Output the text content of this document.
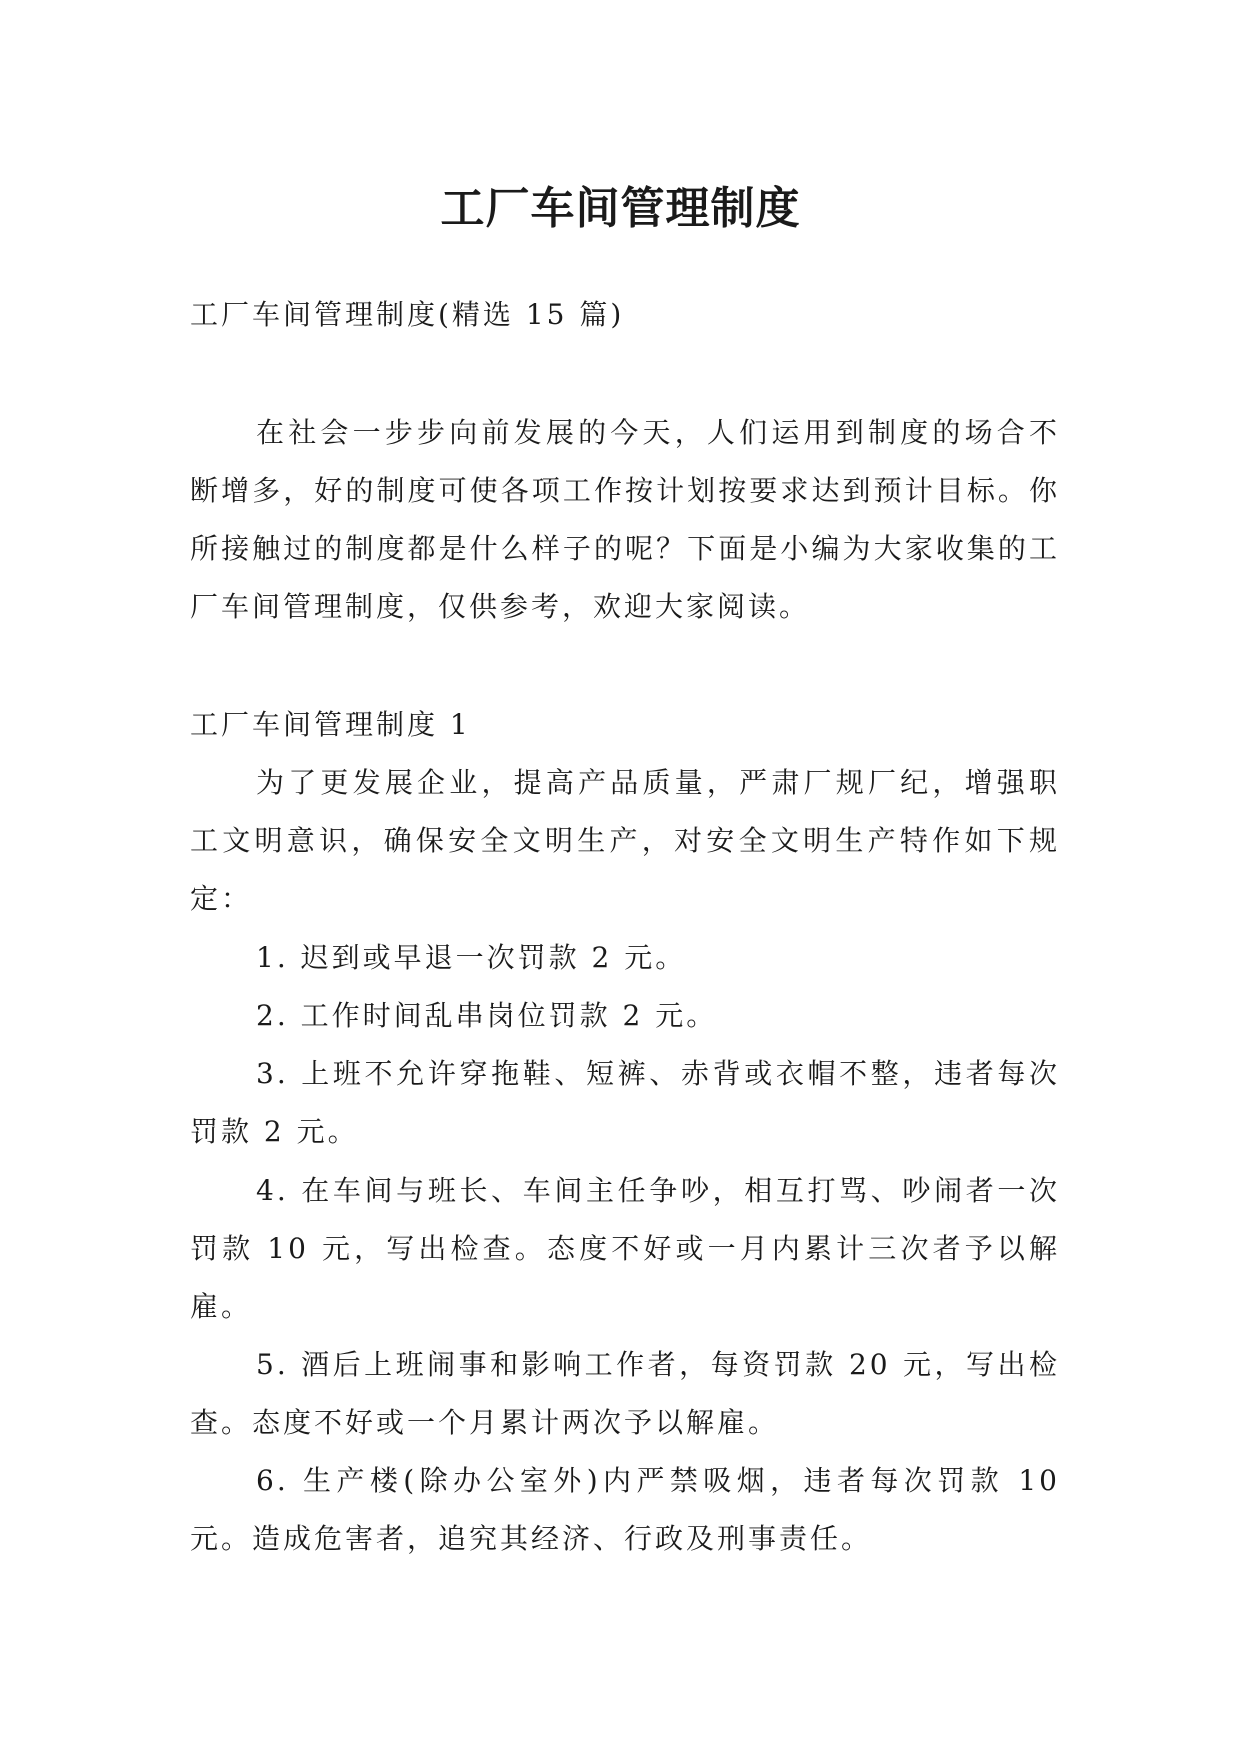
工厂车间管理制度

工厂车间管理制度(精选 15 篇)

在社会一步步向前发展的今天，人们运用到制度的场合不断增多，好的制度可使各项工作按计划按要求达到预计目标。你所接触过的制度都是什么样子的呢？下面是小编为大家收集的工厂车间管理制度，仅供参考，欢迎大家阅读。

工厂车间管理制度 1

为了更发展企业，提高产品质量，严肃厂规厂纪，增强职工文明意识，确保安全文明生产，对安全文明生产特作如下规定：

1. 迟到或早退一次罚款 2 元。

2. 工作时间乱串岗位罚款 2 元。

3. 上班不允许穿拖鞋、短裤、赤背或衣帽不整，违者每次罚款 2 元。

4. 在车间与班长、车间主任争吵，相互打骂、吵闹者一次罚款 10 元，写出检查。态度不好或一月内累计三次者予以解雇。

5. 酒后上班闹事和影响工作者，每资罚款 20 元，写出检查。态度不好或一个月累计两次予以解雇。

6. 生产楼(除办公室外)内严禁吸烟，违者每次罚款 10 元。造成危害者，追究其经济、行政及刑事责任。
